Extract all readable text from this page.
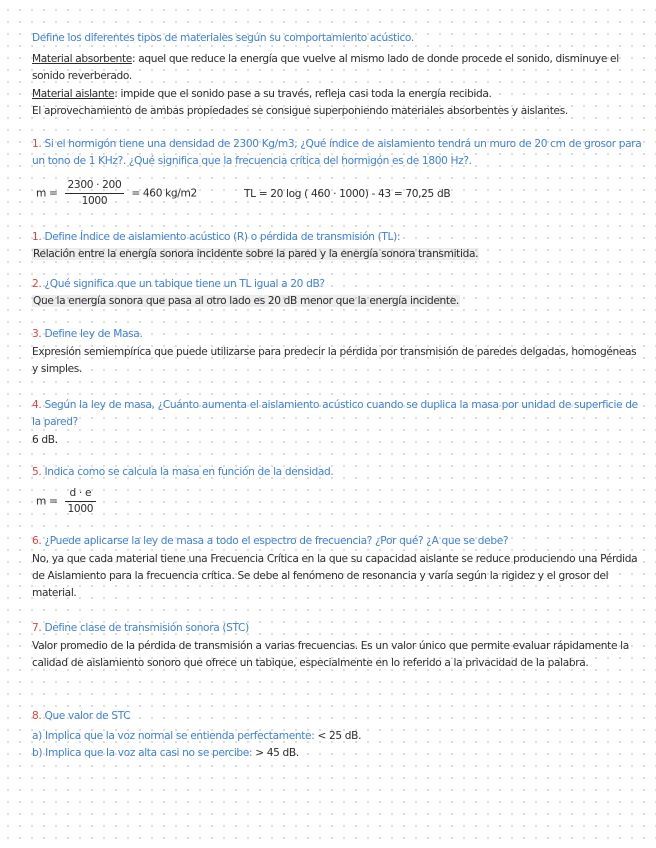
Define los diferentes tipos de materiales según su comportamiento acústico.
Material absorbente: aquel que reduce la energía que vuelve al mismo lado de donde procede el sonido, disminuye el sonido reverberado.
Material aislante: impide que el sonido pase a su través, refleja casi toda la energía recibida.
El aprovechamiento de ambas propiedades se consigue superponiendo materiales absorbentes y aislantes.
1. Si el hormigón tiene una densidad de 2300 Kg/m3, ¿Qué índice de aislamiento tendrá un muro de 20 cm de grosor para un tono de 1 KHz?. ¿Qué significa que la frecuencia crítica del hormigón es de 1800 Hz?.
$m = \frac{2300 \cdot 200}{1000} = 460$ kg/m2	TL = 20 log ( 460 · 1000) - 43 = 70,25 dB
1. Define Índice de aislamiento acústico (R) o pérdida de transmisión (TL):
Relación entre la energía sonora incidente sobre la pared y la energía sonora transmitida.
2. ¿Qué significa que un tabique tiene un TL igual a 20 dB?
Que la energía sonora que pasa al otro lado es 20 dB menor que la energía incidente.
3. Define ley de Masa.
Expresión semiempírica que puede utilizarse para predecir la pérdida por transmisión de paredes delgadas, homogéneas y simples.
4. Según la ley de masa, ¿Cuánto aumenta el aislamiento acústico cuando se duplica la masa por unidad de superficie de la pared?
6 dB.
5. Indica como se calcula la masa en función de la densidad.
$m = \frac{d \cdot e}{1000}$
6. ¿Puede aplicarse la ley de masa a todo el espectro de frecuencia? ¿Por qué? ¿A que se debe?
No, ya que cada material tiene una Frecuencia Crítica en la que su capacidad aislante se reduce produciendo una Pérdida de Aislamiento para la frecuencia crítica. Se debe al fenómeno de resonancia y varía según la rigidez y el grosor del material.
7. Define clase de transmisión sonora (STC)
Valor promedio de la pérdida de transmisión a varias frecuencias. Es un valor único que permite evaluar rápidamente la calidad de aislamiento sonoro que ofrece un tabique, especialmente en lo referido a la privacidad de la palabra.
8. Que valor de STC
a) Implica que la voz normal se entienda perfectamente: < 25 dB.
b) Implica que la voz alta casi no se percibe: > 45 dB.
